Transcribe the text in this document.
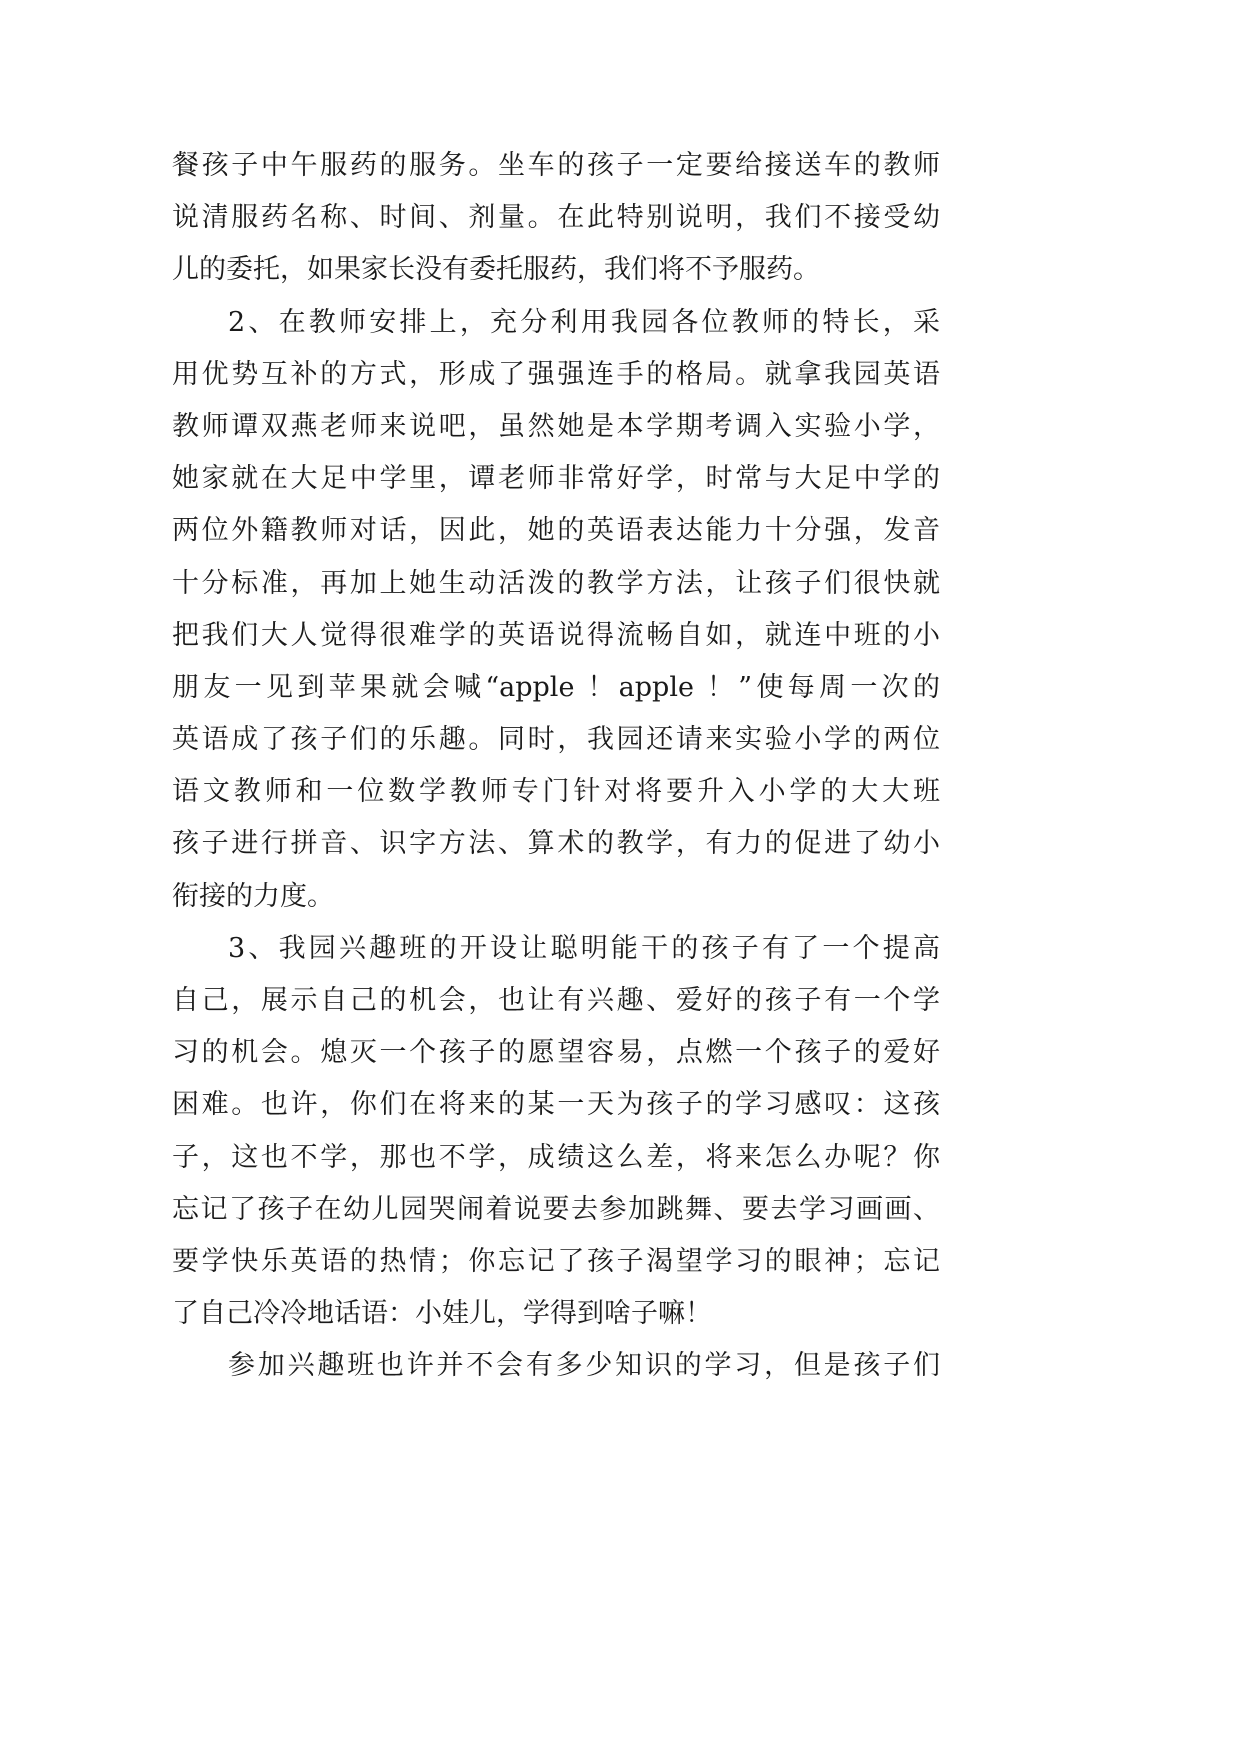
餐孩子中午服药的服务。坐车的孩子一定要给接送车的教师
说清服药名称、时间、剂量。在此特别说明，我们不接受幼
儿的委托，如果家长没有委托服药，我们将不予服药。
2、在教师安排上，充分利用我园各位教师的特长，采
用优势互补的方式，形成了强强连手的格局。就拿我园英语
教师谭双燕老师来说吧，虽然她是本学期考调入实验小学，
她家就在大足中学里，谭老师非常好学，时常与大足中学的
两位外籍教师对话，因此，她的英语表达能力十分强，发音
十分标准，再加上她生动活泼的教学方法，让孩子们很快就
把我们大人觉得很难学的英语说得流畅自如，就连中班的小
朋友一见到苹果就会喊“apple ！apple ！”使每周一次的
英语成了孩子们的乐趣。同时，我园还请来实验小学的两位
语文教师和一位数学教师专门针对将要升入小学的大大班
孩子进行拼音、识字方法、算术的教学，有力的促进了幼小
衔接的力度。
3、我园兴趣班的开设让聪明能干的孩子有了一个提高
自己，展示自己的机会，也让有兴趣、爱好的孩子有一个学
习的机会。熄灭一个孩子的愿望容易，点燃一个孩子的爱好
困难。也许，你们在将来的某一天为孩子的学习感叹：这孩
子，这也不学，那也不学，成绩这么差，将来怎么办呢？你
忘记了孩子在幼儿园哭闹着说要去参加跳舞、要去学习画画、
要学快乐英语的热情；你忘记了孩子渴望学习的眼神；忘记
了自己冷冷地话语：小娃儿，学得到啥子嘛！
参加兴趣班也许并不会有多少知识的学习，但是孩子们
